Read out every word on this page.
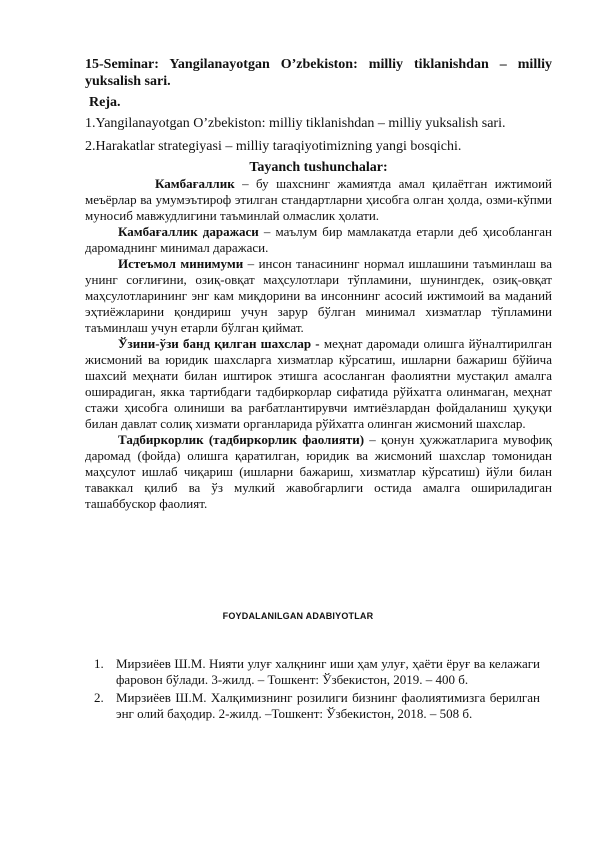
15-Seminar: Yangilanayotgan O’zbekiston: milliy tiklanishdan – milliy yuksalish sari.

Reja.

1.Yangilanayotgan O’zbekiston: milliy tiklanishdan – milliy yuksalish sari.

2.Harakatlar strategiyasi – milliy taraqiyotimizning yangi bosqichi.

Tayanch tushunchalar:

Камбағаллик – бу шахснинг жамиятда амал қилаётган ижтимоий меъёрлар ва умумэътироф этилган стандартларни ҳисобга олган ҳолда, озми-кўпми муносиб мавжудлигини таъминлай олмаслик ҳолати.

Камбағаллик даражаси – маълум бир мамлакатда етарли деб ҳисобланган даромаднинг минимал даражаси.

Истеъмол минимуми – инсон танасининг нормал ишлашини таъминлаш ва унинг соғлиғини, озиқ-овқат маҳсулотлари тўпламини, шунингдек, озиқ-овқат маҳсулотларининг энг кам миқдорини ва инсоннинг асосий ижтимоий ва маданий эҳтиёжларини қондириш учун зарур бўлган минимал хизматлар тўпламини таъминлаш учун етарли бўлган қиймат.

Ўзини-ўзи банд қилган шахслар - меҳнат даромади олишга йўналтирилган жисмоний ва юридик шахсларга хизматлар кўрсатиш, ишларни бажариш бўйича шахсий меҳнати билан иштирок этишга асосланган фаолиятни мустақил амалга оширадиган, якка тартибдаги тадбиркорлар сифатида рўйхатга олинмаган, меҳнат стажи ҳисобга олиниши ва рағбатлантирувчи имтиёзлардан фойдаланиш ҳуқуқи билан давлат солиқ хизмати органларида рўйхатга олинган жисмоний шахслар.

Тадбиркорлик (тадбиркорлик фаолияти) – қонун ҳужжатларига мувофиқ даромад (фойда) олишга қаратилган, юридик ва жисмоний шахслар томонидан маҳсулот ишлаб чиқариш (ишларни бажариш, хизматлар кўрсатиш) йўли билан таваккал қилиб ва ўз мулкий жавобгарлиги остида амалга ошириладиган ташаббускор фаолият.

FOYDALANILGAN ADABIYOTLAR
1. Мирзиёев Ш.М. Нияти улуғ халқнинг иши ҳам улуғ, ҳаёти ёруғ ва келажаги фаровон бўлади. 3-жилд. – Тошкент: Ўзбекистон, 2019. – 400 б.
2. Мирзиёев Ш.М. Халқимизнинг розилиги бизнинг фаолиятимизга берилган энг олий баҳодир. 2-жилд. –Тошкент: Ўзбекистон, 2018. – 508 б.
